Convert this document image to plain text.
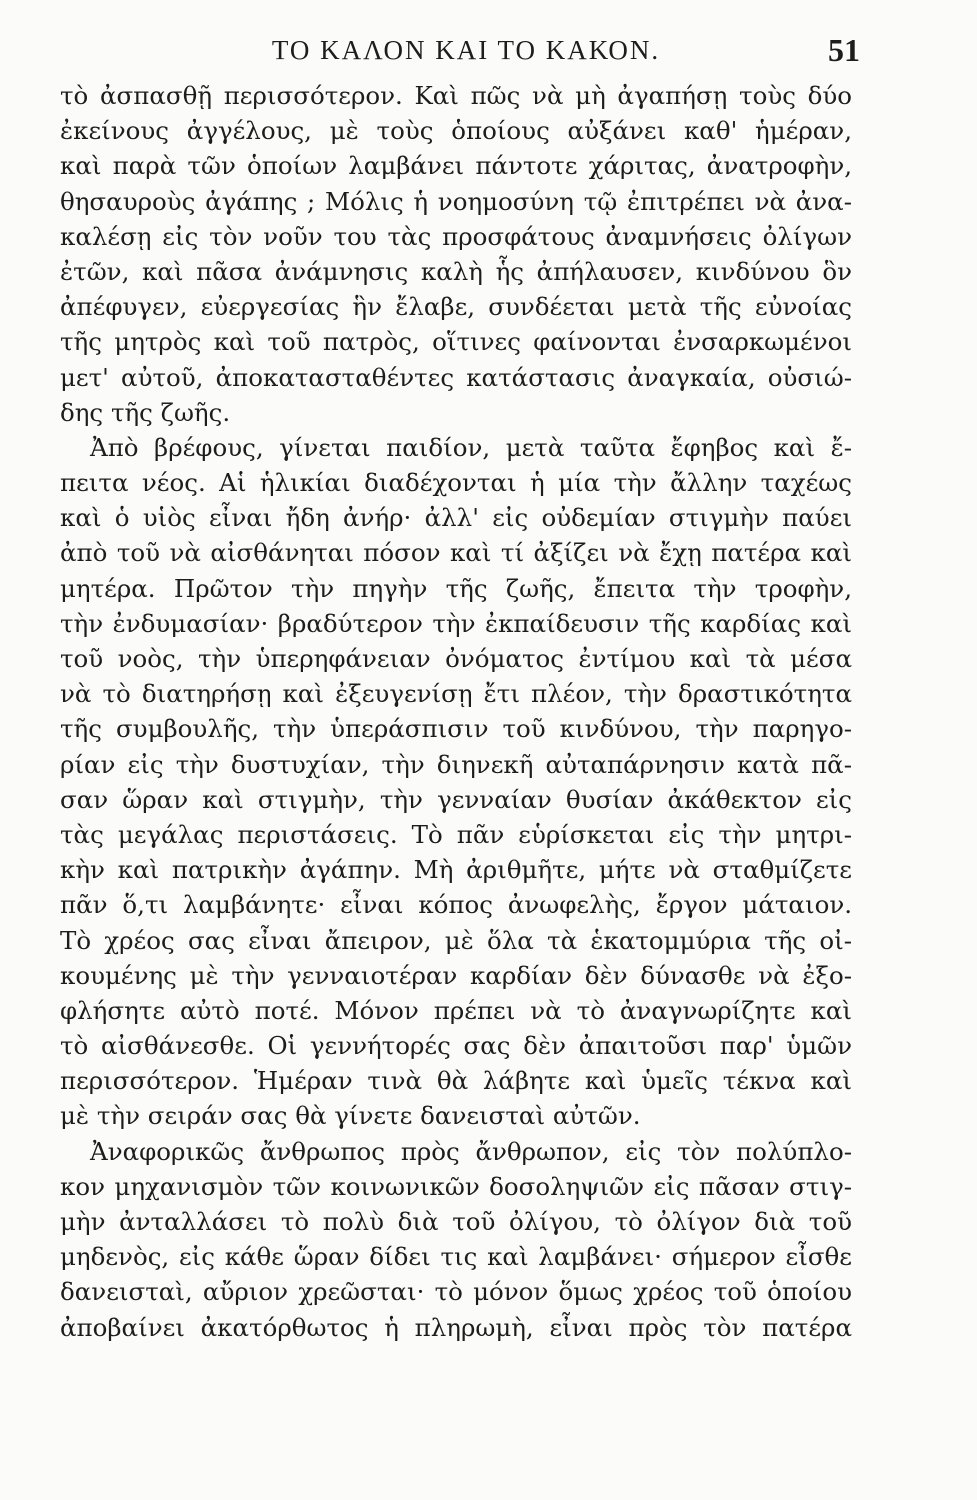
ΤΟ ΚΑΛΟΝ ΚΑΙ ΤΟ ΚΑΚΟΝ.	51
τὸ ἀσπασθῇ περισσότερον. Καὶ πῶς νὰ μὴ ἀγαπήσῃ τοὺς δύο
ἐκείνους ἀγγέλους, μὲ τοὺς ὁποίους αὐξάνει καθ' ἡμέραν,
καὶ παρὰ τῶν ὁποίων λαμβάνει πάντοτε χάριτας, ἀνατροφὴν,
θησαυροὺς ἀγάπης ; Μόλις ἡ νοημοσύνη τῷ ἐπιτρέπει νὰ ἀνα-
καλέσῃ εἰς τὸν νοῦν του τὰς προσφάτους ἀναμνήσεις ὀλίγων
ἐτῶν, καὶ πᾶσα ἀνάμνησις καλὴ ἧς ἀπήλαυσεν, κινδύνου ὃν
ἀπέφυγεν, εὐεργεσίας ἣν ἔλαβε, συνδέεται μετὰ τῆς εὐνοίας
τῆς μητρὸς καὶ τοῦ πατρὸς, οἵτινες φαίνονται ἐνσαρκωμένοι
μετ' αὐτοῦ, ἀποκατασταθέντες κατάστασις ἀναγκαία, οὐσιώ-
δης τῆς ζωῆς.
Ἀπὸ βρέφους, γίνεται παιδίον, μετὰ ταῦτα ἔφηβος καὶ ἔ-
πειτα νέος. Αἱ ἡλικίαι διαδέχονται ἡ μία τὴν ἄλλην ταχέως
καὶ ὁ υἱὸς εἶναι ἤδη ἀνήρ· ἀλλ' εἰς οὐδεμίαν στιγμὴν παύει
ἀπὸ τοῦ νὰ αἰσθάνηται πόσον καὶ τί ἀξίζει νὰ ἔχῃ πατέρα καὶ
μητέρα. Πρῶτον τὴν πηγὴν τῆς ζωῆς, ἔπειτα τὴν τροφὴν,
τὴν ἐνδυμασίαν· βραδύτερον τὴν ἐκπαίδευσιν τῆς καρδίας καὶ
τοῦ νοὸς, τὴν ὑπερηφάνειαν ὀνόματος ἐντίμου καὶ τὰ μέσα
νὰ τὸ διατηρήσῃ καὶ ἐξευγενίσῃ ἔτι πλέον, τὴν δραστικότητα
τῆς συμβουλῆς, τὴν ὑπεράσπισιν τοῦ κινδύνου, τὴν παρηγο-
ρίαν εἰς τὴν δυστυχίαν, τὴν διηνεκῆ αὐταπάρνησιν κατὰ πᾶ-
σαν ὥραν καὶ στιγμὴν, τὴν γενναίαν θυσίαν ἀκάθεκτον εἰς
τὰς μεγάλας περιστάσεις. Τὸ πᾶν εὑρίσκεται εἰς τὴν μητρι-
κὴν καὶ πατρικὴν ἀγάπην. Μὴ ἀριθμῆτε, μήτε νὰ σταθμίζετε
πᾶν ὅ,τι λαμβάνητε· εἶναι κόπος ἀνωφελὴς, ἔργον μάταιον.
Τὸ χρέος σας εἶναι ἄπειρον, μὲ ὅλα τὰ ἑκατομμύρια τῆς οἰ-
κουμένης μὲ τὴν γενναιοτέραν καρδίαν δὲν δύνασθε νὰ ἐξο-
φλήσητε αὐτὸ ποτέ. Μόνον πρέπει νὰ τὸ ἀναγνωρίζητε καὶ
τὸ αἰσθάνεσθε. Οἱ γεννήτορές σας δὲν ἀπαιτοῦσι παρ' ὑμῶν
περισσότερον. Ἡμέραν τινὰ θὰ λάβητε καὶ ὑμεῖς τέκνα καὶ
μὲ τὴν σειράν σας θὰ γίνετε δανεισταὶ αὐτῶν.
Ἀναφορικῶς ἄνθρωπος πρὸς ἄνθρωπον, εἰς τὸν πολύπλο-
κον μηχανισμὸν τῶν κοινωνικῶν δοσοληψιῶν εἰς πᾶσαν στιγ-
μὴν ἀνταλλάσει τὸ πολὺ διὰ τοῦ ὀλίγου, τὸ ὀλίγον διὰ τοῦ
μηδενὸς, εἰς κάθε ὥραν δίδει τις καὶ λαμβάνει· σήμερον εἶσθε
δανεισταὶ, αὔριον χρεῶσται· τὸ μόνον ὅμως χρέος τοῦ ὁποίου
ἀποβαίνει ἀκατόρθωτος ἡ πληρωμὴ, εἶναι πρὸς τὸν πατέρα
